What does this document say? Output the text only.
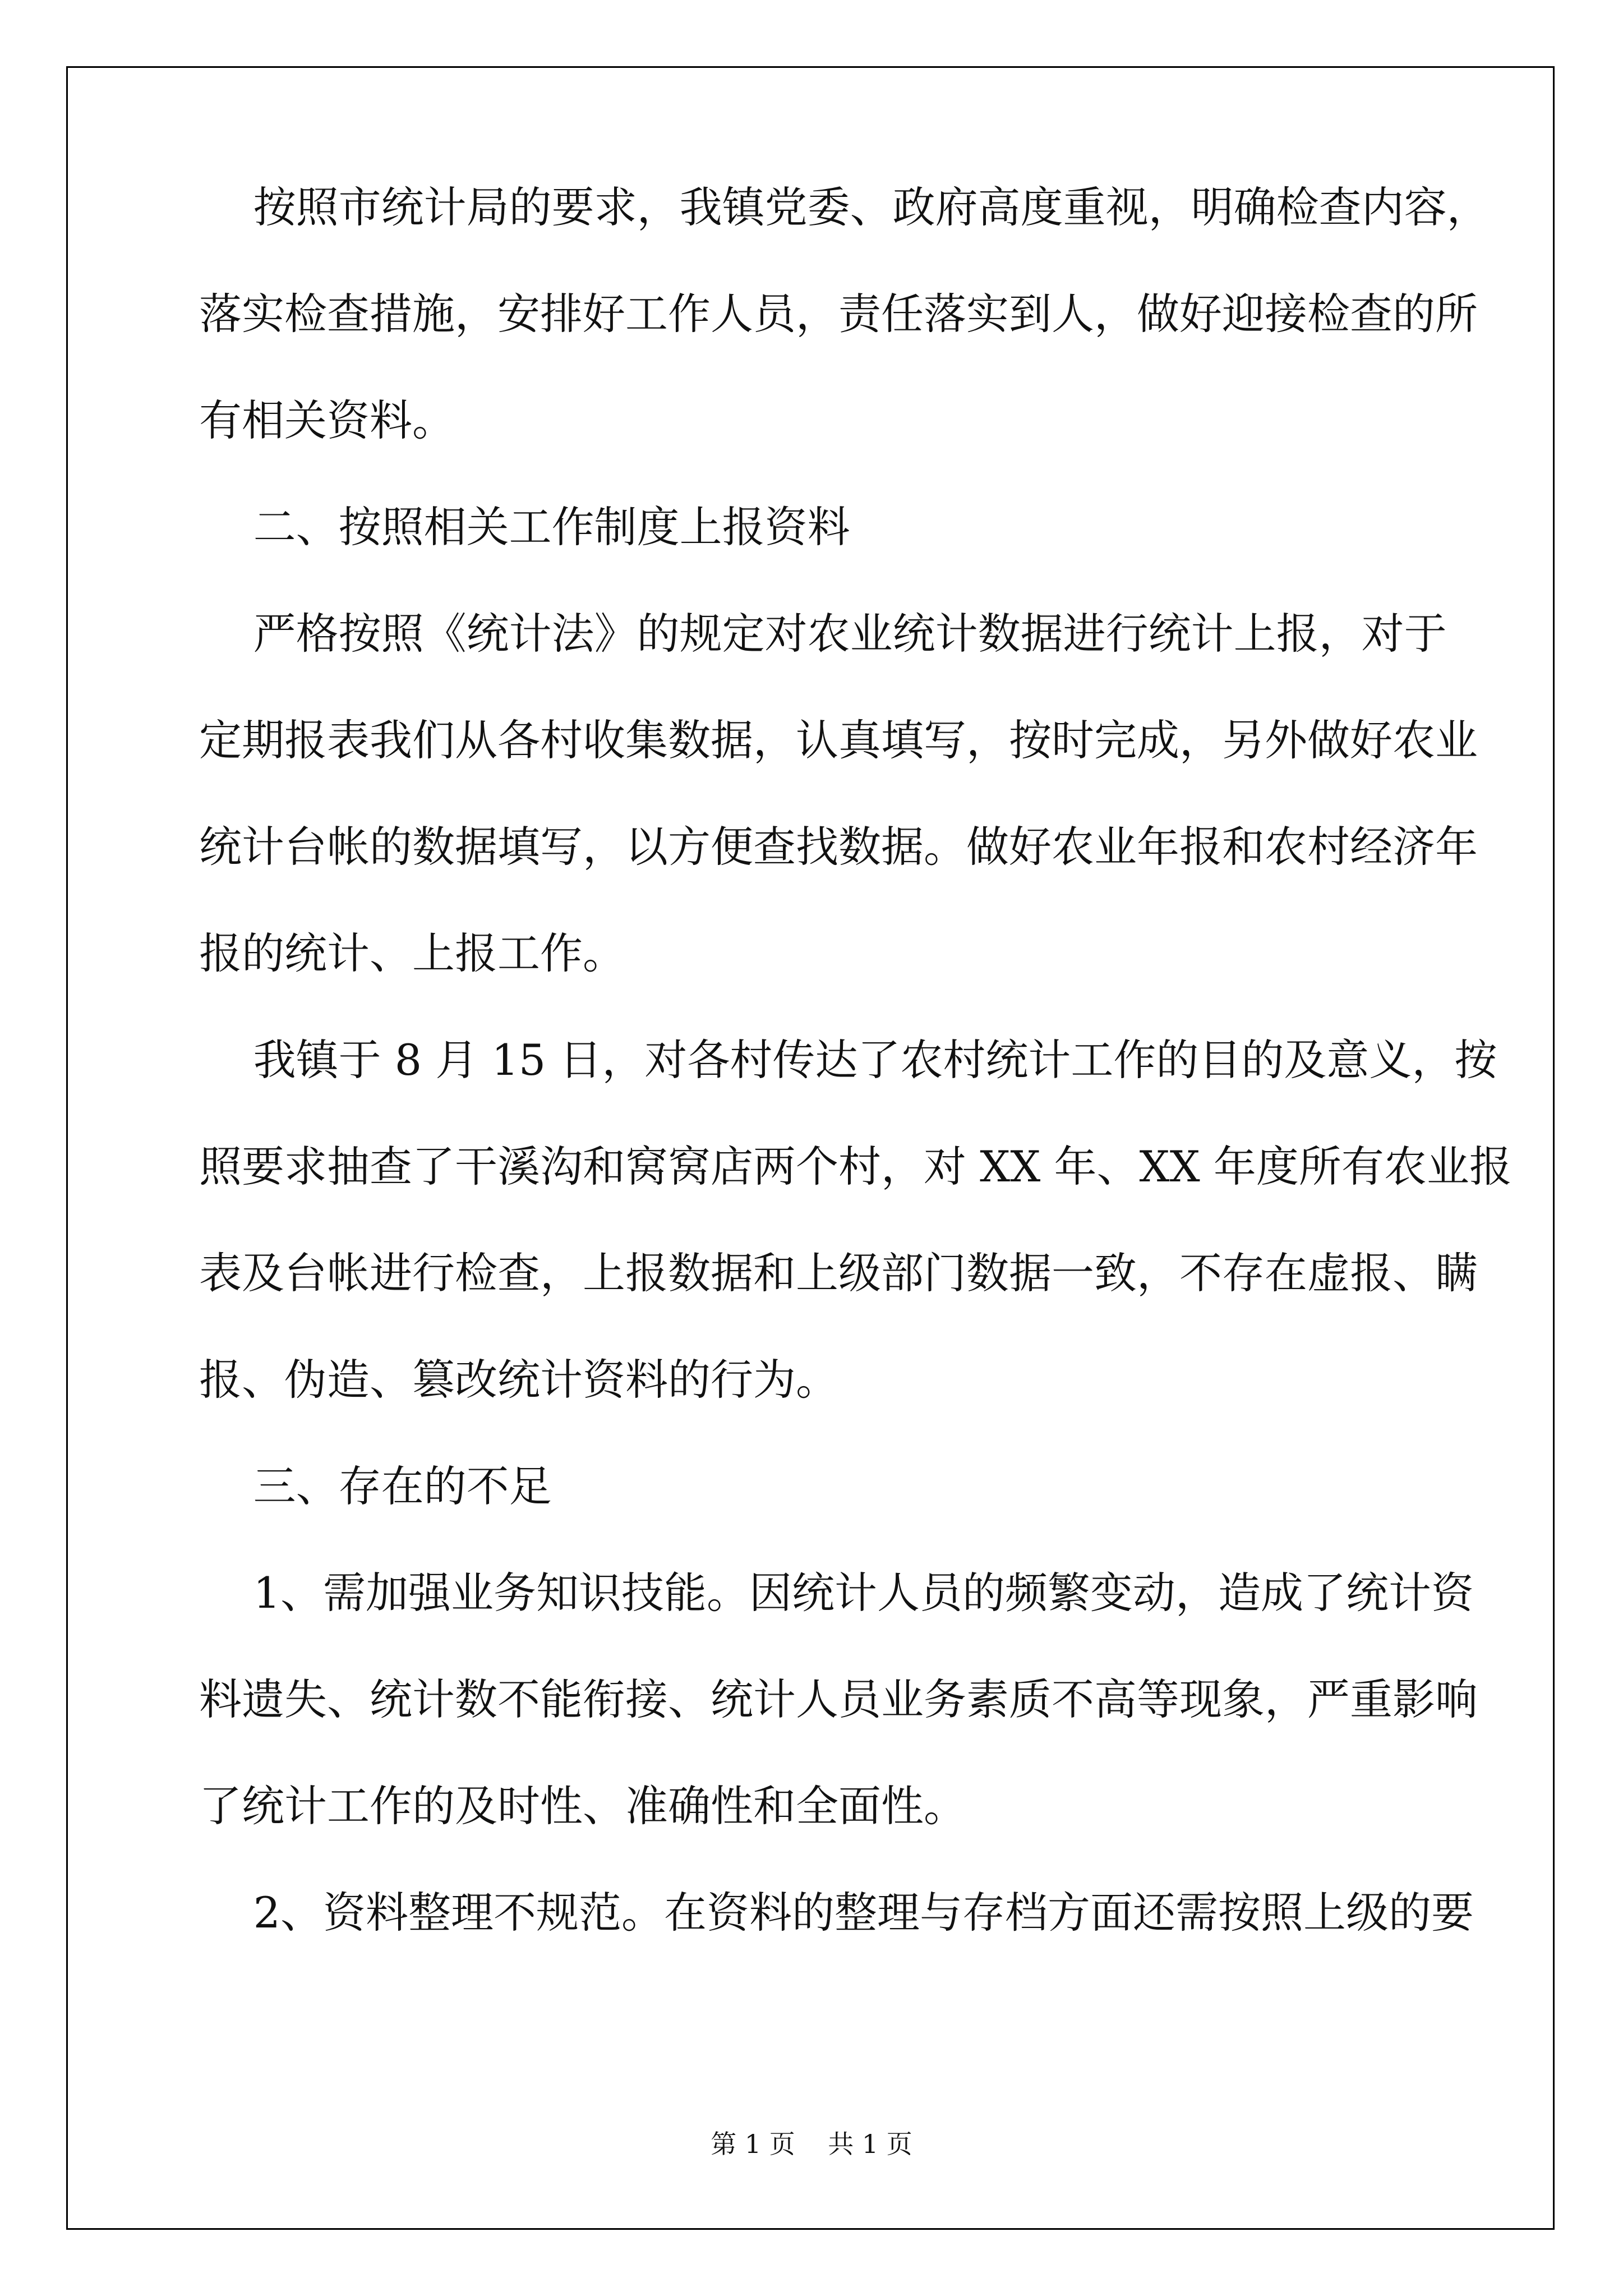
按照市统计局的要求，我镇党委、政府高度重视，明确检查内容，
落实检查措施，安排好工作人员，责任落实到人，做好迎接检查的所
有相关资料。
二、按照相关工作制度上报资料
严格按照《统计法》的规定对农业统计数据进行统计上报，对于
定期报表我们从各村收集数据，认真填写，按时完成，另外做好农业
统计台帐的数据填写，以方便查找数据。做好农业年报和农村经济年
报的统计、上报工作。
我镇于 8 月 15 日，对各村传达了农村统计工作的目的及意义，按
照要求抽查了干溪沟和窝窝店两个村，对 XX 年、XX 年度所有农业报
表及台帐进行检查，上报数据和上级部门数据一致，不存在虚报、瞒
报、伪造、篡改统计资料的行为。
三、存在的不足
1、需加强业务知识技能。因统计人员的频繁变动，造成了统计资
料遗失、统计数不能衔接、统计人员业务素质不高等现象，严重影响
了统计工作的及时性、准确性和全面性。
2、资料整理不规范。在资料的整理与存档方面还需按照上级的要
第 1 页    共 1 页
